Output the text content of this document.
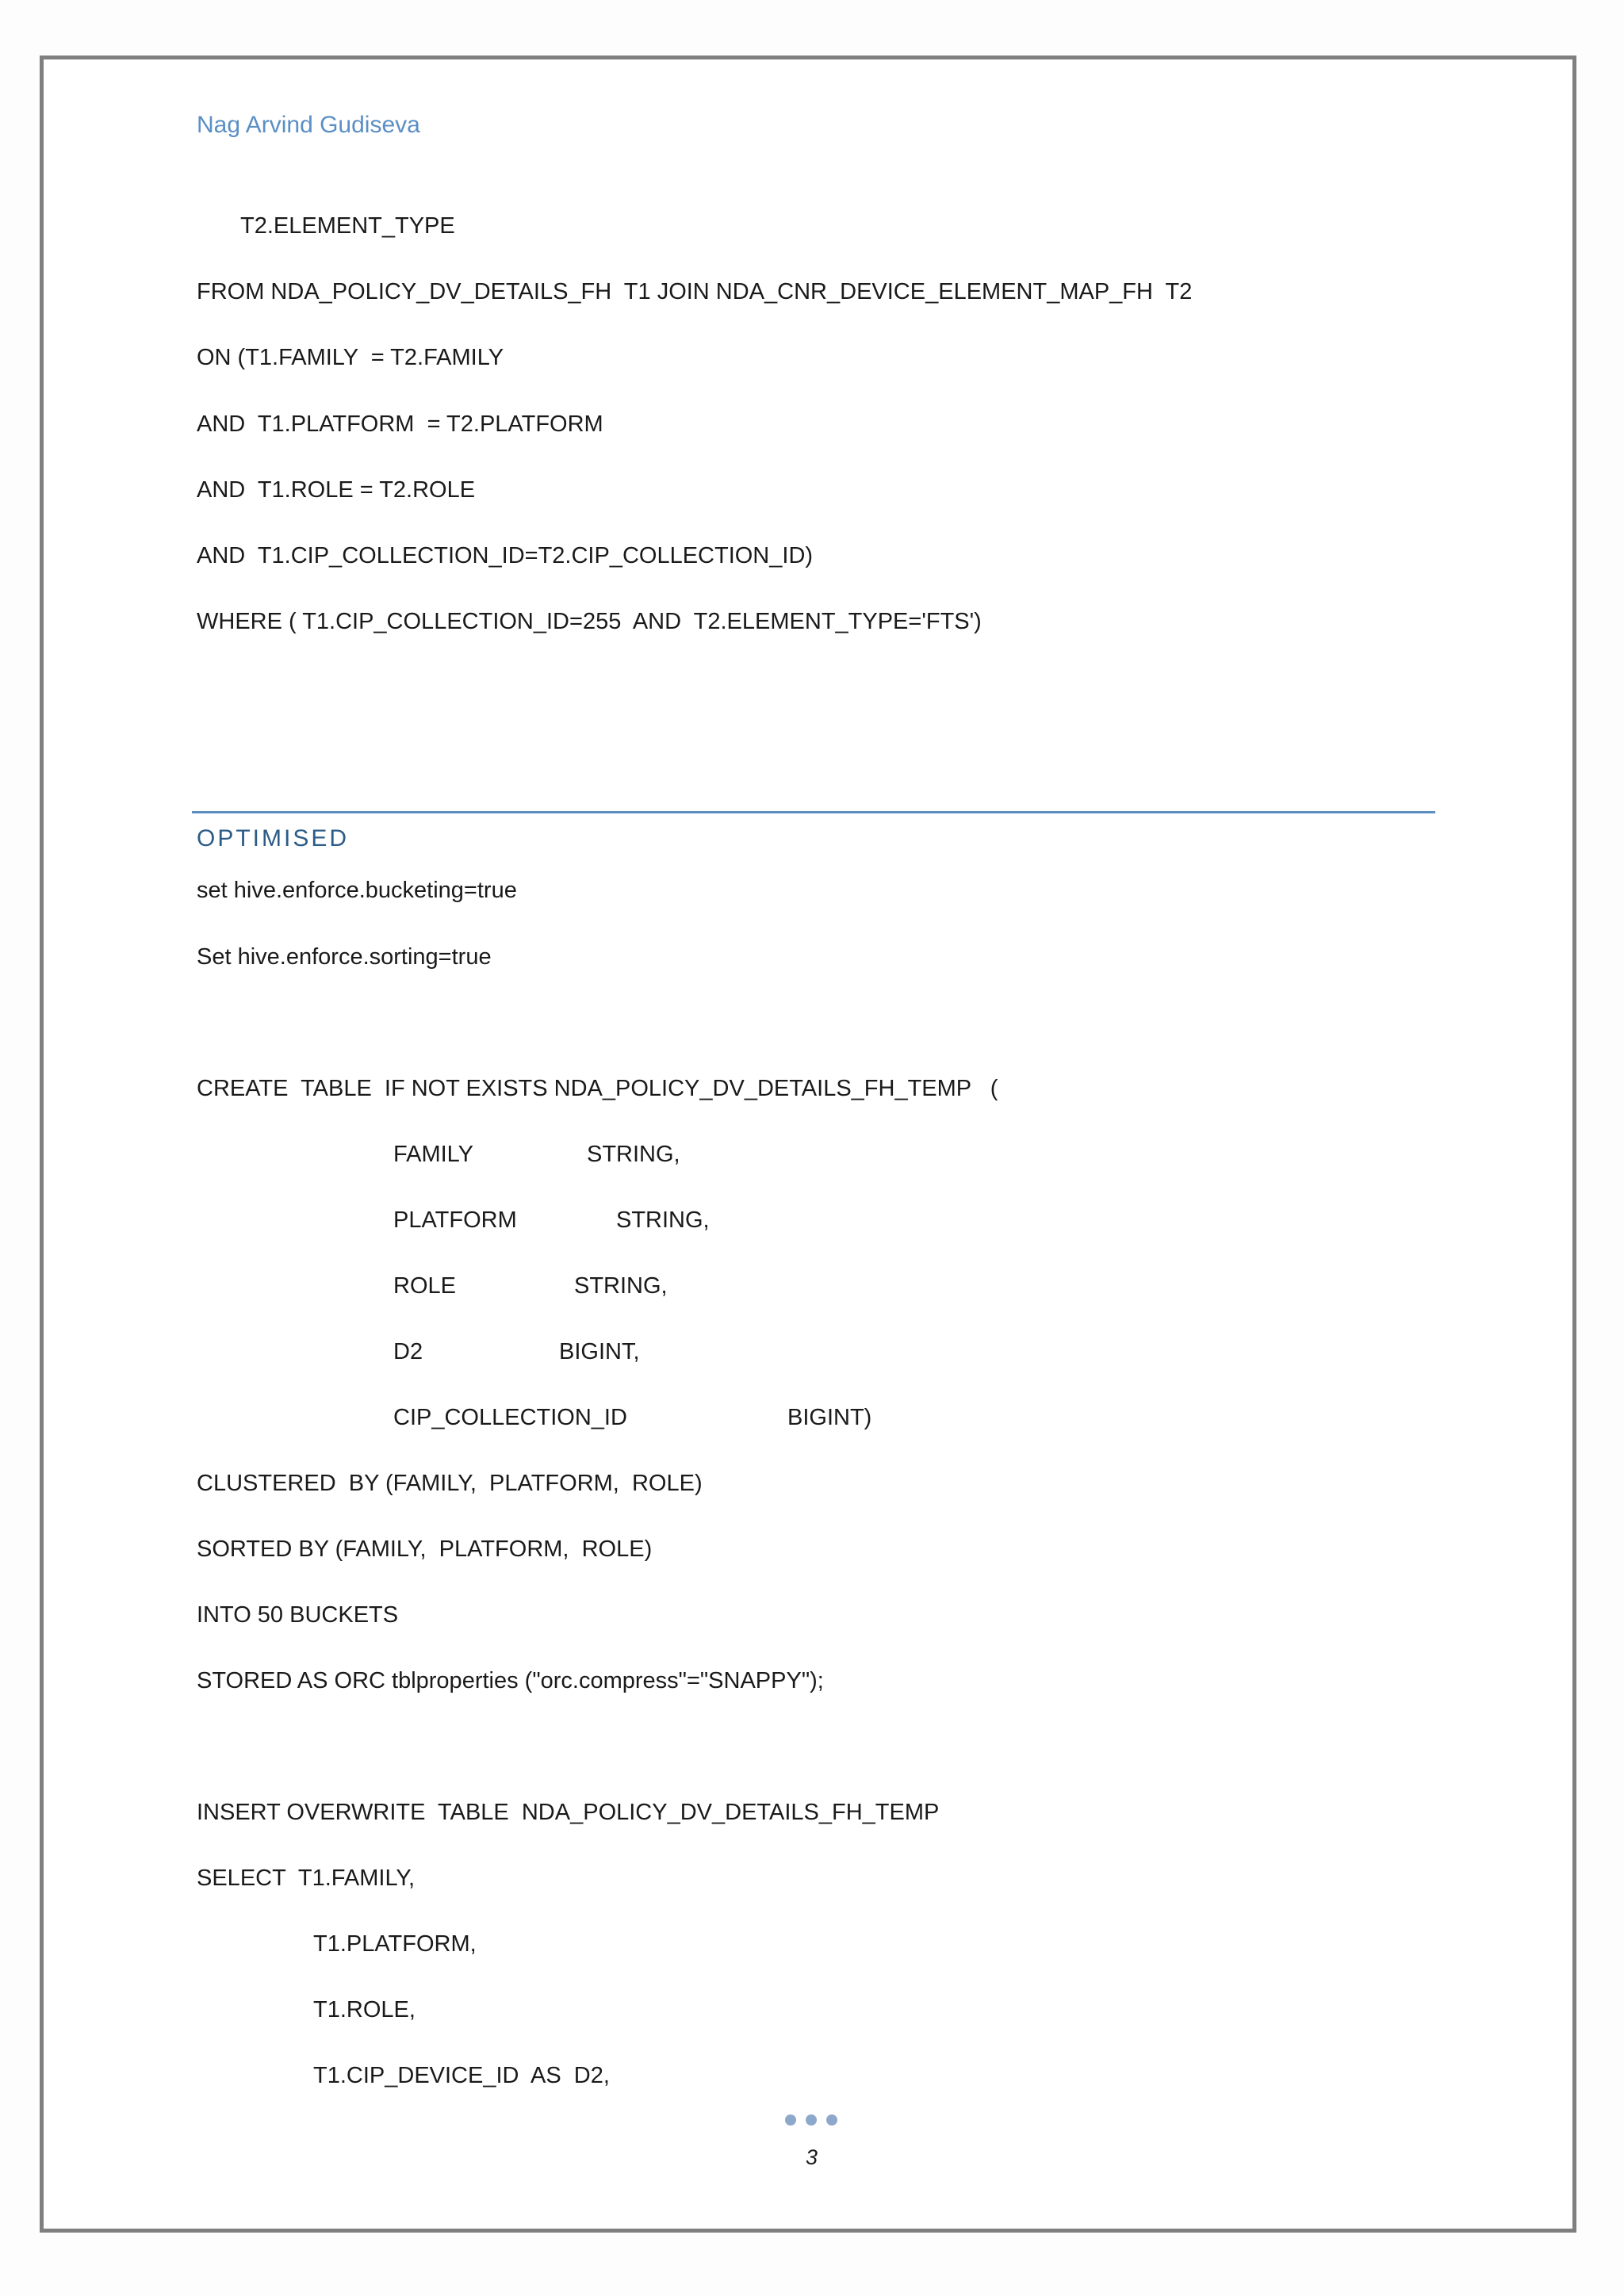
Nag Arvind Gudiseva
T2.ELEMENT_TYPE
FROM NDA_POLICY_DV_DETAILS_FH  T1 JOIN NDA_CNR_DEVICE_ELEMENT_MAP_FH  T2
ON (T1.FAMILY  = T2.FAMILY
AND  T1.PLATFORM  = T2.PLATFORM
AND  T1.ROLE = T2.ROLE
AND  T1.CIP_COLLECTION_ID=T2.CIP_COLLECTION_ID)
WHERE ( T1.CIP_COLLECTION_ID=255  AND  T2.ELEMENT_TYPE='FTS')
OPTIMISED
set hive.enforce.bucketing=true
Set hive.enforce.sorting=true
CREATE  TABLE  IF NOT EXISTS NDA_POLICY_DV_DETAILS_FH_TEMP   (
FAMILY	STRING,
PLATFORM	STRING,
ROLE	STRING,
D2	BIGINT,
CIP_COLLECTION_ID	BIGINT)
CLUSTERED  BY (FAMILY,  PLATFORM,  ROLE)
SORTED BY (FAMILY,  PLATFORM,  ROLE)
INTO 50 BUCKETS
STORED AS ORC tblproperties ("orc.compress"="SNAPPY");
INSERT OVERWRITE  TABLE  NDA_POLICY_DV_DETAILS_FH_TEMP
SELECT  T1.FAMILY,
T1.PLATFORM,
T1.ROLE,
T1.CIP_DEVICE_ID  AS  D2,
3
